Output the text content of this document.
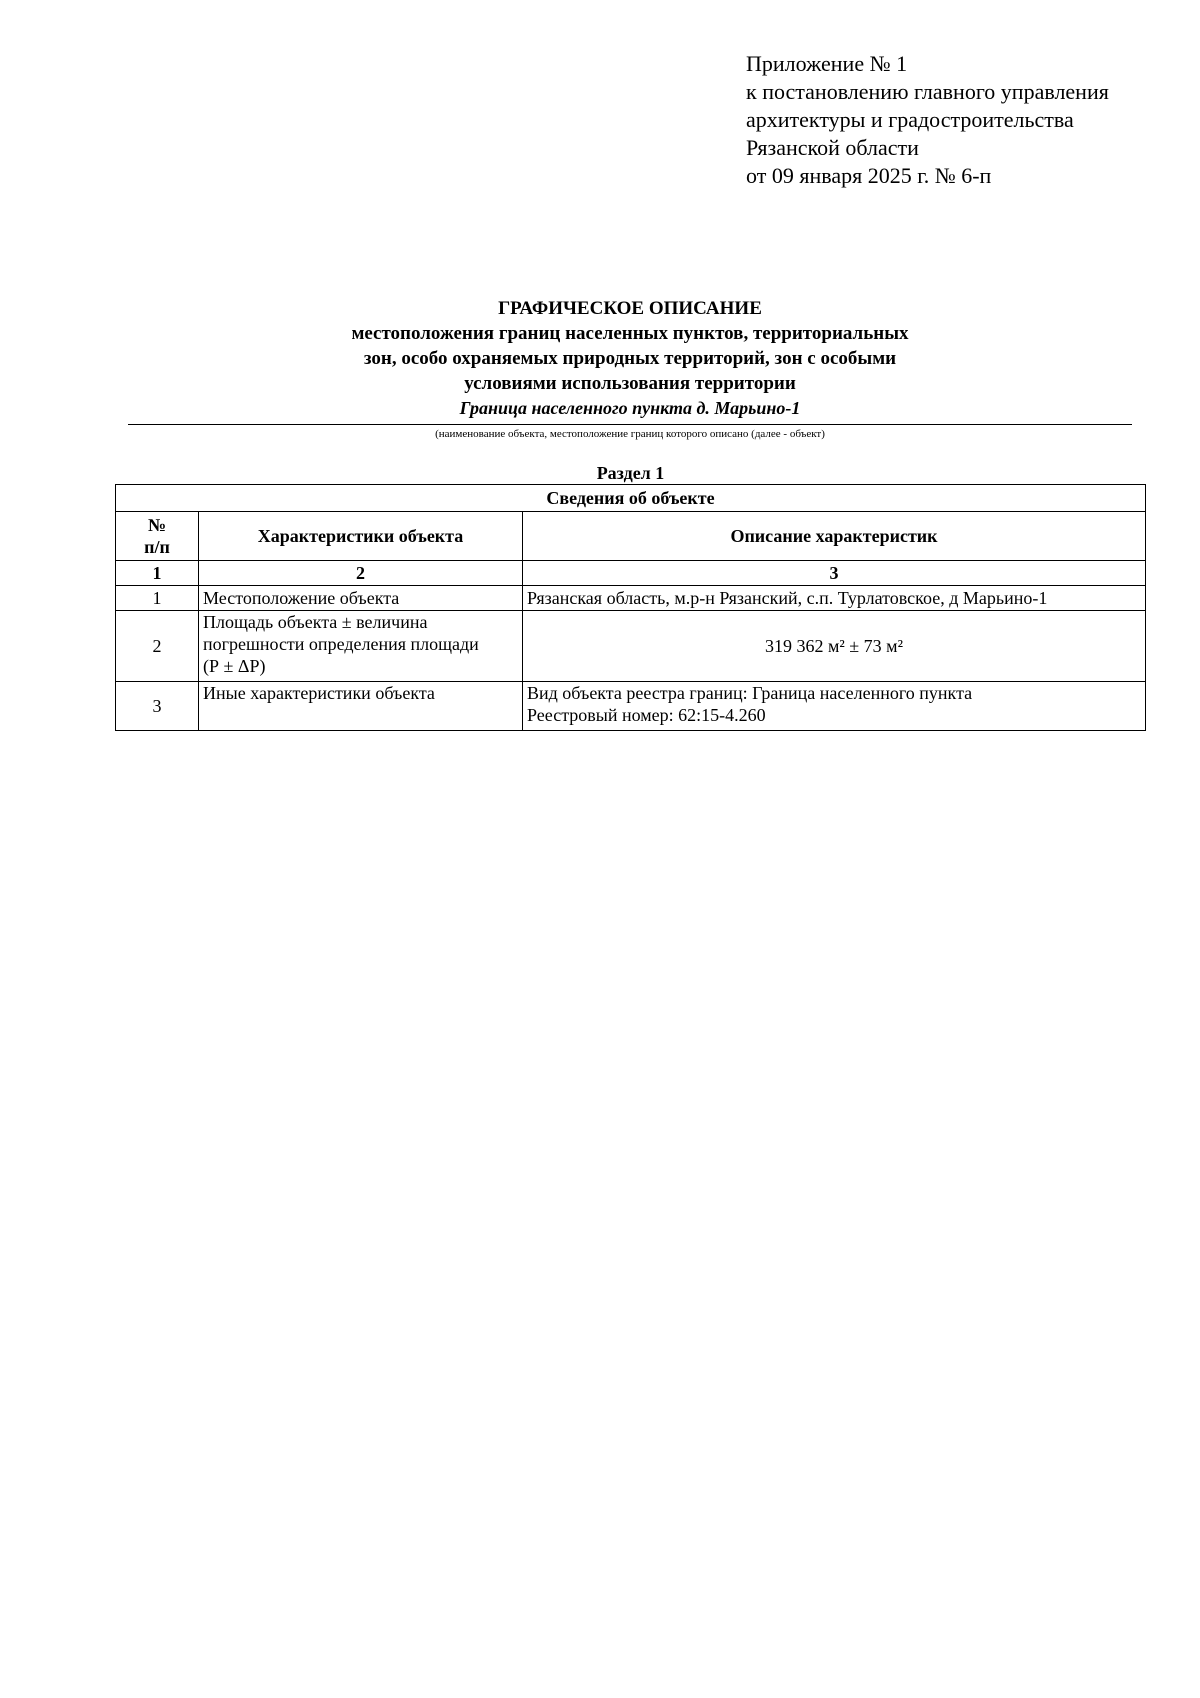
Приложение № 1
к постановлению главного управления
архитектуры и градостроительства
Рязанской области
от 09 января 2025 г. № 6-п
ГРАФИЧЕСКОЕ ОПИСАНИЕ
местоположения границ населенных пунктов, территориальных
зон, особо охраняемых природных территорий, зон с особыми
условиями использования территории
Граница населенного пункта д. Марьино-1
(наименование объекта, местоположение границ которого описано (далее - объект)
Раздел 1
Сведения об объекте		

№
п/п	Характеристики объекта	Описание характеристик
1	2	3
1	Местоположение объекта	Рязанская область, м.р-н Рязанский, с.п. Турлатовское, д Марьино-1
2	Площадь объекта ± величина
погрешности определения площади
(Р ± ΔР)	319 362 м² ± 73 м²
3	Иные характеристики объекта	Вид объекта реестра границ: Граница населенного пункта
Реестровый номер: 62:15-4.260
